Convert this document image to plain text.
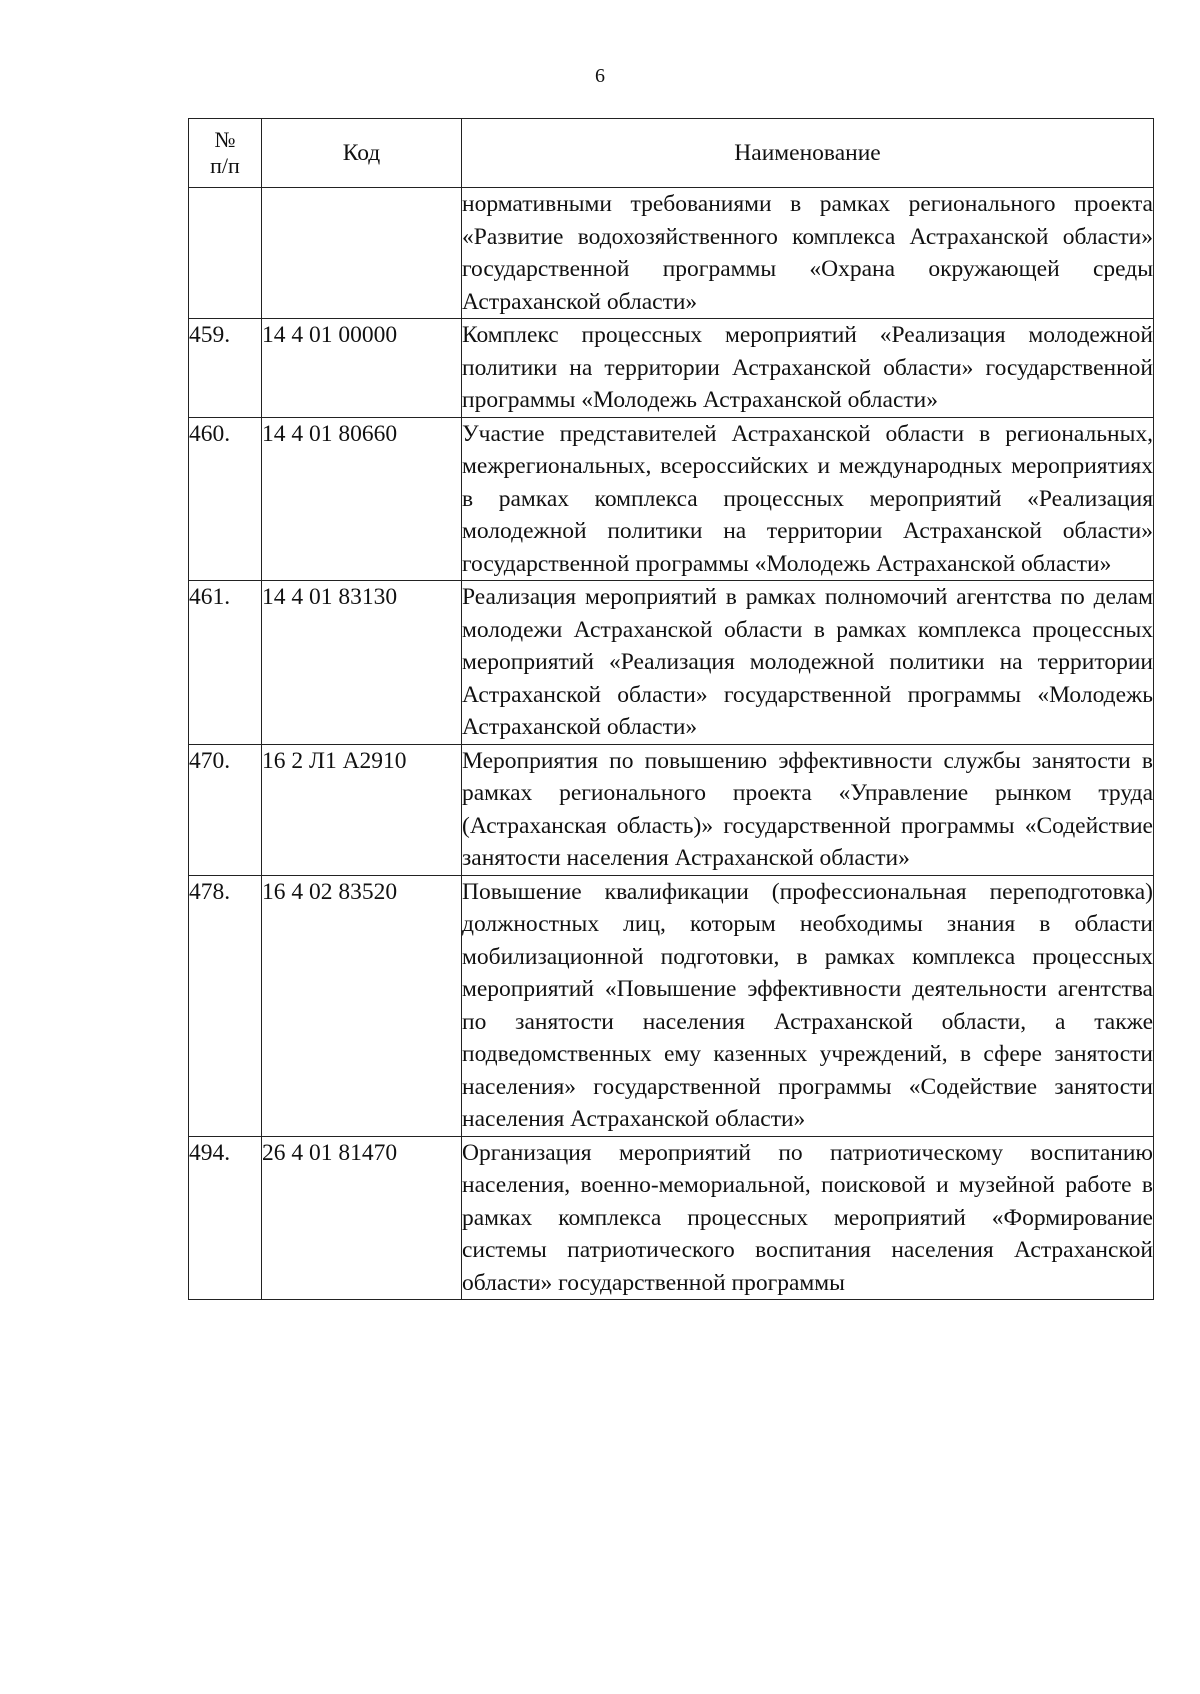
6
№
п/п	Код	Наименование
		нормативными требованиями в рамках регионального проекта «Развитие водохозяйственного комплекса Астраханской области» государственной программы «Охрана окружающей среды Астраханской области»
459.	14 4 01 00000	Комплекс процессных мероприятий «Реализация молодежной политики на территории Астраханской области» государственной программы «Молодежь Астраханской области»
460.	14 4 01 80660	Участие представителей Астраханской области в региональных, межрегиональных, всероссийских и международных мероприятиях в рамках комплекса процессных мероприятий «Реализация молодежной политики на территории Астраханской области» государственной программы «Молодежь Астраханской области»
461.	14 4 01 83130	Реализация мероприятий в рамках полномочий агентства по делам молодежи Астраханской области в рамках комплекса процессных мероприятий «Реализация молодежной политики на территории Астраханской области» государственной программы «Молодежь Астраханской области»
470.	16 2 Л1 А2910	Мероприятия по повышению эффективности службы занятости в рамках регионального проекта «Управление рынком труда (Астраханская область)» государственной программы «Содействие занятости населения Астраханской области»
478.	16 4 02 83520	Повышение квалификации (профессиональная переподготовка) должностных лиц, которым необходимы знания в области мобилизационной подготовки, в рамках комплекса процессных мероприятий «Повышение эффективности деятельности агентства по занятости населения Астраханской области, а также подведомственных ему казенных учреждений, в сфере занятости населения» государственной программы «Содействие занятости населения Астраханской области»
494.	26 4 01 81470	Организация мероприятий по патриотическому воспитанию населения, военно-мемориальной, поисковой и музейной работе в рамках комплекса процессных мероприятий «Формирование системы патриотического воспитания населения Астраханской области» государственной программы
